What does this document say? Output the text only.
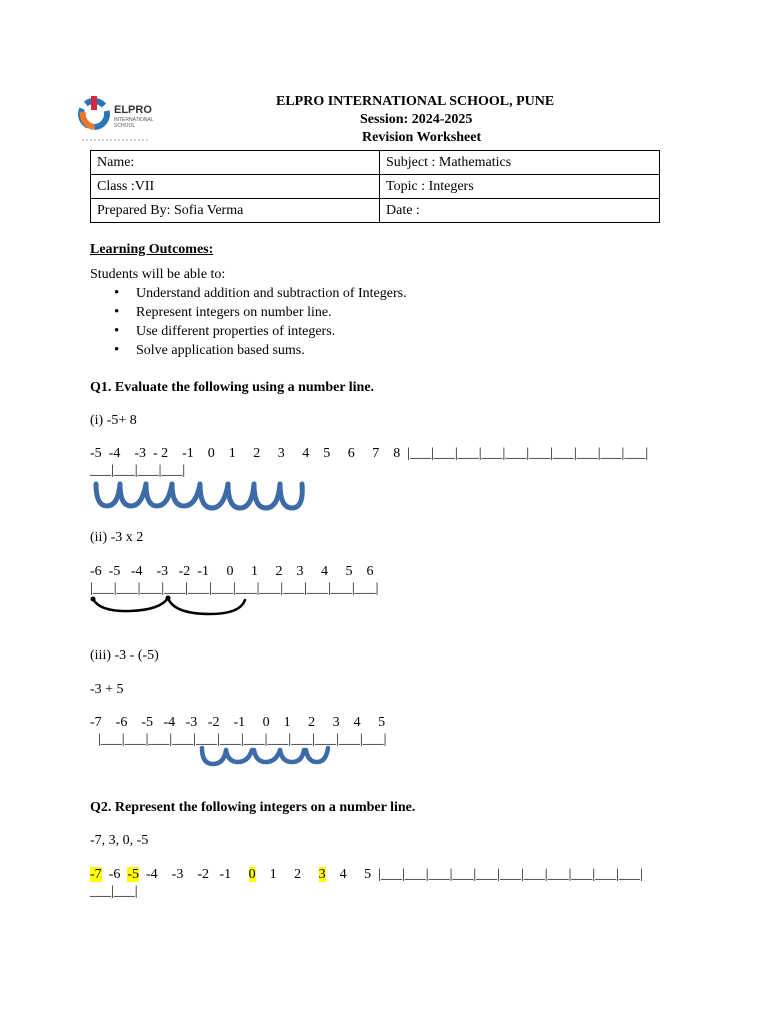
ELPRO
INTERNATIONAL
SCHOOL
ELPRO INTERNATIONAL SCHOOL, PUNE
Session: 2024-2025
Revision Worksheet
Name:	Subject : Mathematics
Class :VII	Topic : Integers
Prepared By: Sofia Verma	Date :
Learning Outcomes:
Students will be able to:
• Understand addition and subtraction of Integers.
• Represent integers on number line.
• Use different properties of integers.
• Solve application based sums.
Q1. Evaluate the following using a number line.
(i) -5+ 8
-5  -4    -3  - 2    -1    0    1     2     3     4    5     6     7    8  |___|___|___|___|___|___|___|___|___|___|
___|___|___|___|
(ii) -3 x 2
-6  -5   -4    -3   -2  -1     0     1     2    3     4     5    6
|___|___|___|___|___|___|___|___|___|___|___|___|
(iii) -3 - (-5)
-3 + 5
-7    -6    -5   -4   -3   -2    -1     0    1     2     3    4     5
|___|___|___|___|___|___|___|___|___|___|___|___|
Q2. Represent the following integers on a number line.
-7, 3, 0, -5
-7 -6 -5 -4    -3    -2   -1 0 1     2 3 4     5  |___|___|___|___|___|___|___|___|___|___|___|
___|___|
